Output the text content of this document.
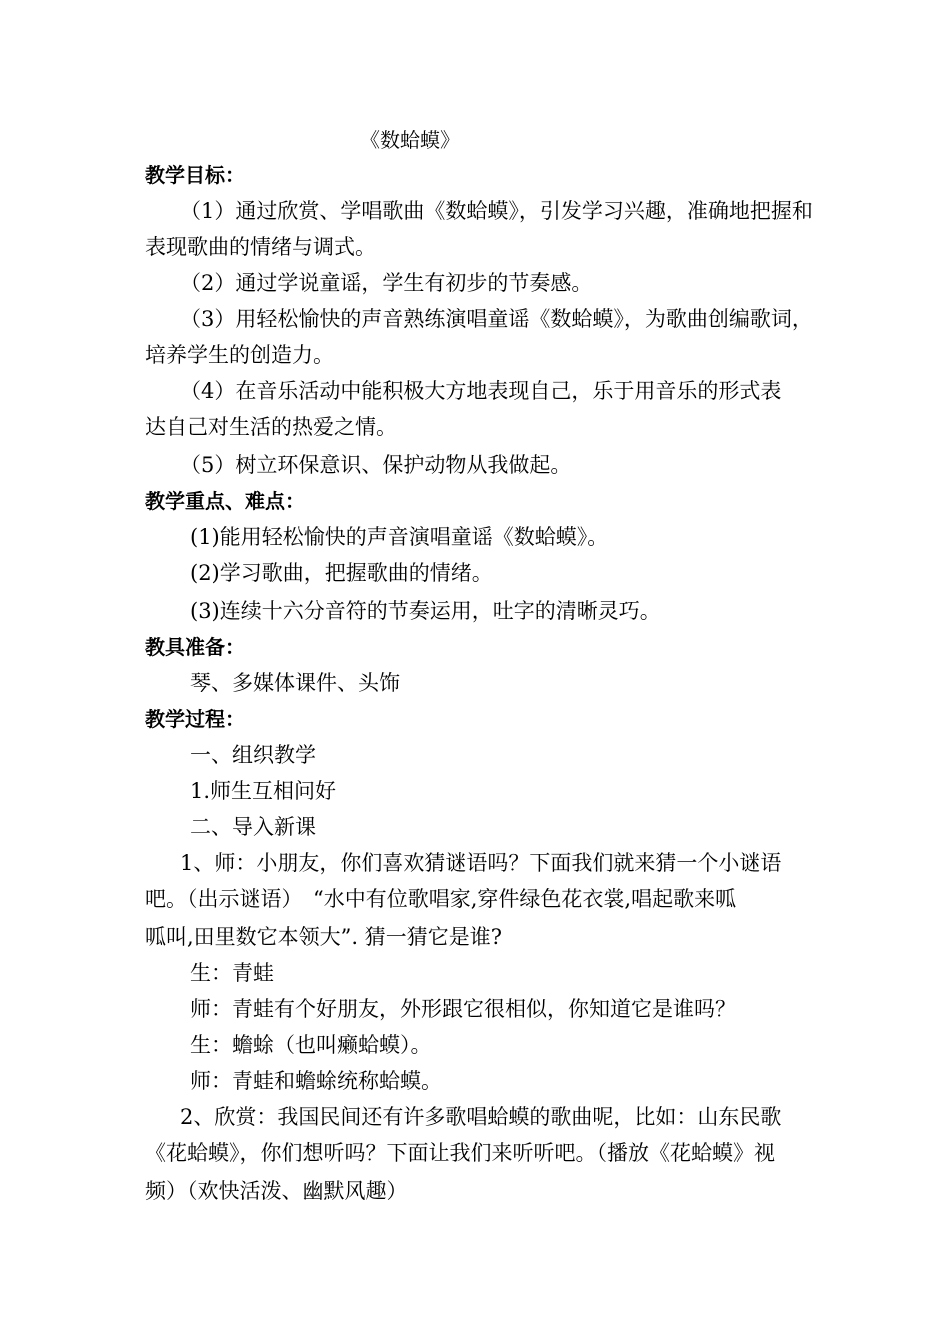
《数蛤蟆》
教学目标：
（1）通过欣赏、学唱歌曲《数蛤蟆》，引发学习兴趣，准确地把握和
表现歌曲的情绪与调式。
（2）通过学说童谣，学生有初步的节奏感。
（3）用轻松愉快的声音熟练演唱童谣《数蛤蟆》，为歌曲创编歌词，
培养学生的创造力。
（4）在音乐活动中能积极大方地表现自己，乐于用音乐的形式表
达自己对生活的热爱之情。
（5）树立环保意识、保护动物从我做起。
教学重点、难点：
(1)能用轻松愉快的声音演唱童谣《数蛤蟆》。
(2)学习歌曲，把握歌曲的情绪。
(3)连续十六分音符的节奏运用，吐字的清晰灵巧。
教具准备：
琴、多媒体课件、头饰
教学过程：
一、组织教学
1.师生互相问好
二、导入新课
1、师：小朋友，你们喜欢猜谜语吗？下面我们就来猜一个小谜语
吧。（出示谜语）　“水中有位歌唱家,穿件绿色花衣裳,唱起歌来呱
呱叫,田里数它本领大”. 猜一猜它是谁?
生：青蛙
师：青蛙有个好朋友，外形跟它很相似，你知道它是谁吗？
生：蟾蜍（也叫癞蛤蟆）。
师：青蛙和蟾蜍统称蛤蟆。
2、欣赏：我国民间还有许多歌唱蛤蟆的歌曲呢，比如：山东民歌
《花蛤蟆》，你们想听吗？下面让我们来听听吧。（播放《花蛤蟆》视
频）（欢快活泼、幽默风趣）
